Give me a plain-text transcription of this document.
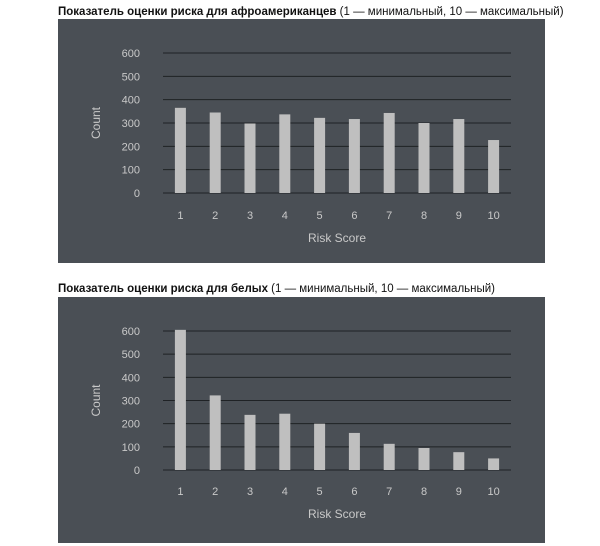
Показатель оценки риска для афроамериканцев (1 — минимальный, 10 — максимальный)
0
100
200
300
400
500
600
1	2	3	4	5	6	7	8	9 10
Risk Score
Count
Показатель оценки риска для белых (1 — минимальный, 10 — максимальный)
0
100
200
300
400
500
600
1	2	3	4	5	6	7	8	9 10
Risk Score
Count
